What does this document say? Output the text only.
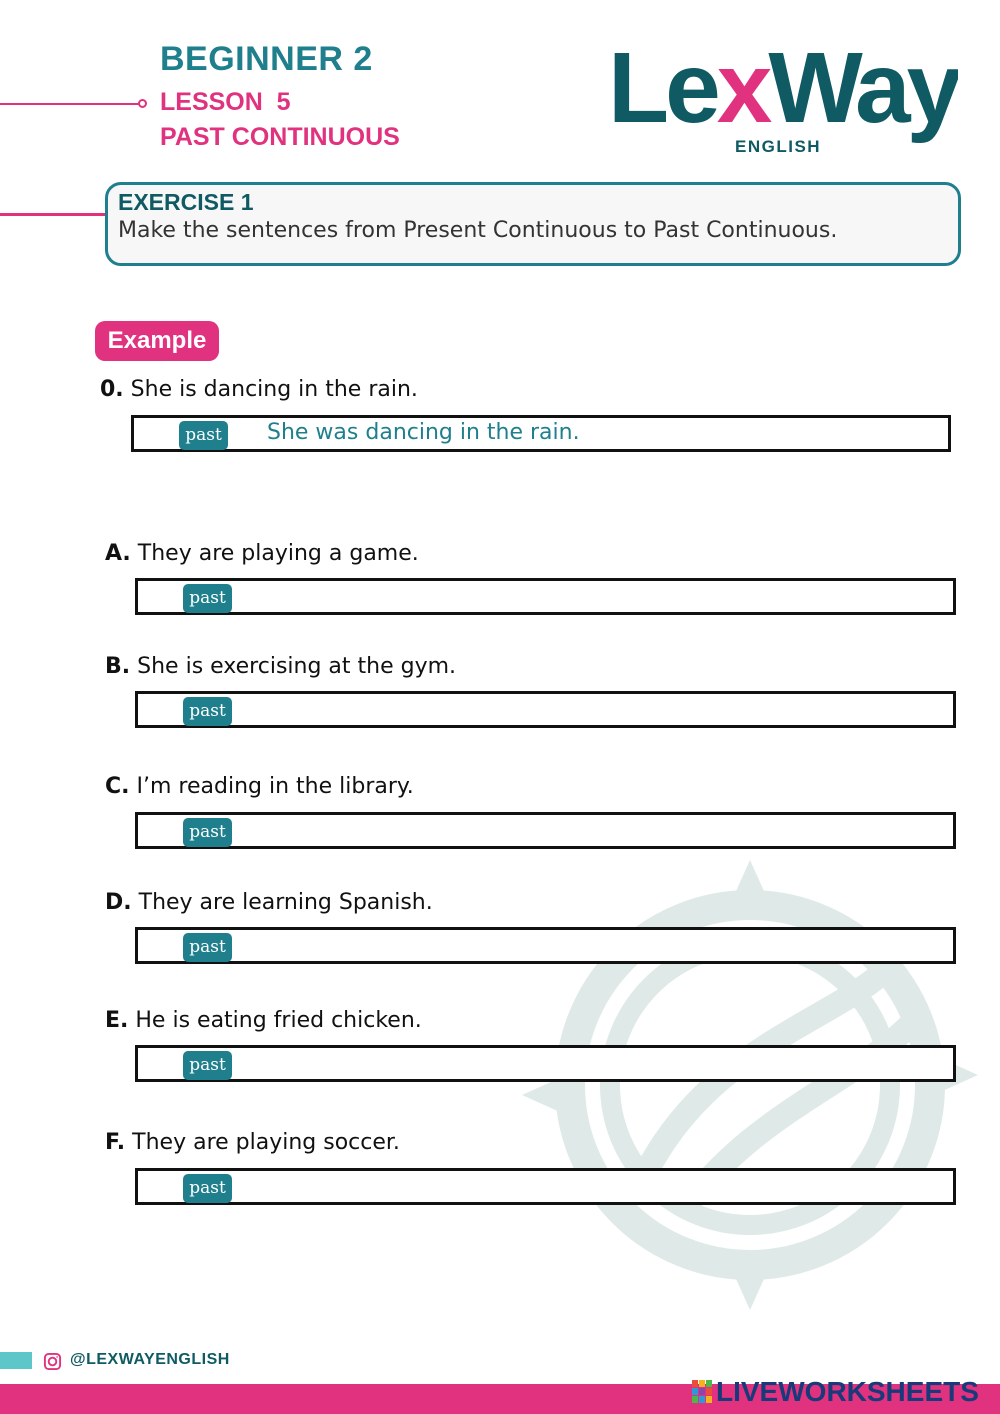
BEGINNER 2
LESSON  5
PAST CONTINUOUS LexWay
ENGLISH
EXERCISE 1
Make the sentences from Present Continuous to Past Continuous.
Example
0. She is dancing in the rain.
past She was dancing in the rain.
A. They are playing a game.
past
B. She is exercising at the gym.
past
C. I’m reading in the library.
past
D. They are learning Spanish.
past
E. He is eating fried chicken.
past
F. They are playing soccer.
past
@LEXWAYENGLISH
LIVEWORKSHEETS
